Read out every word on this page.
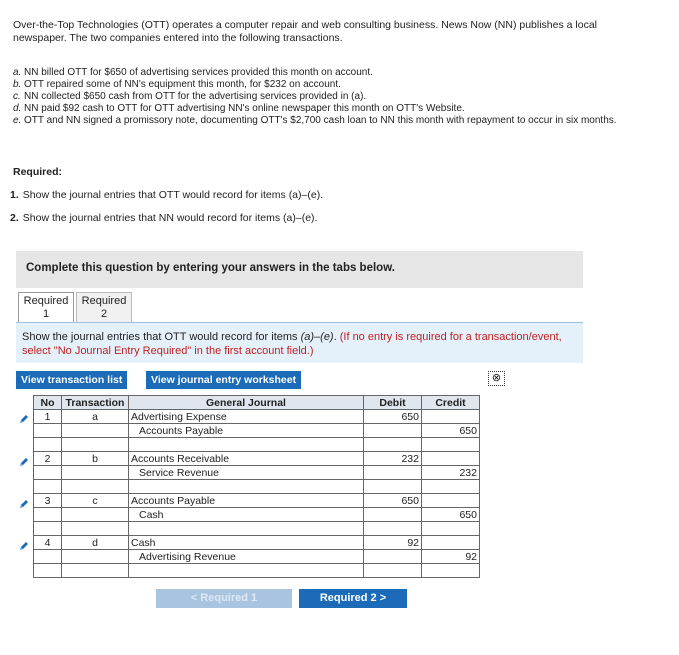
Over-the-Top Technologies (OTT) operates a computer repair and web consulting business. News Now (NN) publishes a local newspaper. The two companies entered into the following transactions.
a. NN billed OTT for $650 of advertising services provided this month on account.
b. OTT repaired some of NN's equipment this month, for $232 on account.
c. NN collected $650 cash from OTT for the advertising services provided in (a).
d. NN paid $92 cash to OTT for OTT advertising NN's online newspaper this month on OTT's Website.
e. OTT and NN signed a promissory note, documenting OTT's $2,700 cash loan to NN this month with repayment to occur in six months.
Required:
1. Show the journal entries that OTT would record for items (a)–(e).
2. Show the journal entries that NN would record for items (a)–(e).
Complete this question by entering your answers in the tabs below.
Required
1
Required
2
Show the journal entries that OTT would record for items (a)–(e). (If no entry is required for a transaction/event, select "No Journal Entry Required" in the first account field.)
View transaction list	View journal entry worksheet	⊗
No	Transaction	General Journal	Debit	Credit
1	a	Advertising Expense	650	
		Accounts Payable		650

2	b	Accounts Receivable	232	
		Service Revenue		232

3	c	Accounts Payable	650	
		Cash		650

4	d	Cash	92	
		Advertising Revenue		92

< Required 1	Required 2 >
